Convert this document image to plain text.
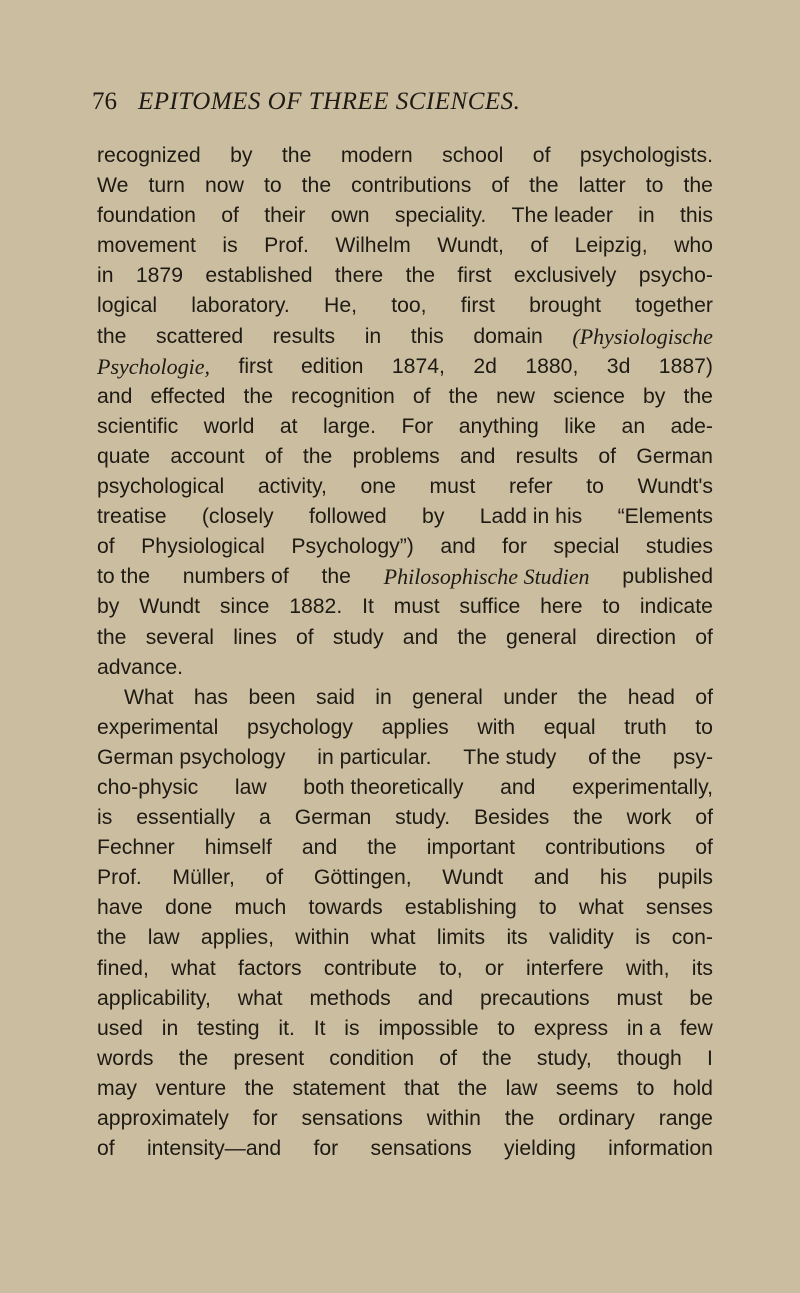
76 EPITOMES OF THREE SCIENCES.
recognized by the modern school of psychologists.
We turn now to the contributions of the latter to the
foundation of their own speciality. The leader in this
movement is Prof. Wilhelm Wundt, of Leipzig, who
in 1879 established there the first exclusively psycho-
logical laboratory. He, too, first brought together
the scattered results in this domain (Physiologische
Psychologie, first edition 1874, 2d 1880, 3d 1887)
and effected the recognition of the new science by the
scientific world at large. For anything like an ade-
quate account of the problems and results of German
psychological activity, one must refer to Wundt's
treatise (closely followed by Ladd in his “Elements
of Physiological Psychology”) and for special studies
to the numbers of the Philosophische Studien published
by Wundt since 1882. It must suffice here to indicate
the several lines of study and the general direction of
advance.
What has been said in general under the head of
experimental psychology applies with equal truth to
German psychology in particular. The study of the psy-
cho-physic law both theoretically and experimentally,
is essentially a German study. Besides the work of
Fechner himself and the important contributions of
Prof. Müller, of Göttingen, Wundt and his pupils
have done much towards establishing to what senses
the law applies, within what limits its validity is con-
fined, what factors contribute to, or interfere with, its
applicability, what methods and precautions must be
used in testing it. It is impossible to express in a few
words the present condition of the study, though I
may venture the statement that the law seems to hold
approximately for sensations within the ordinary range
of intensity—and for sensations yielding information
